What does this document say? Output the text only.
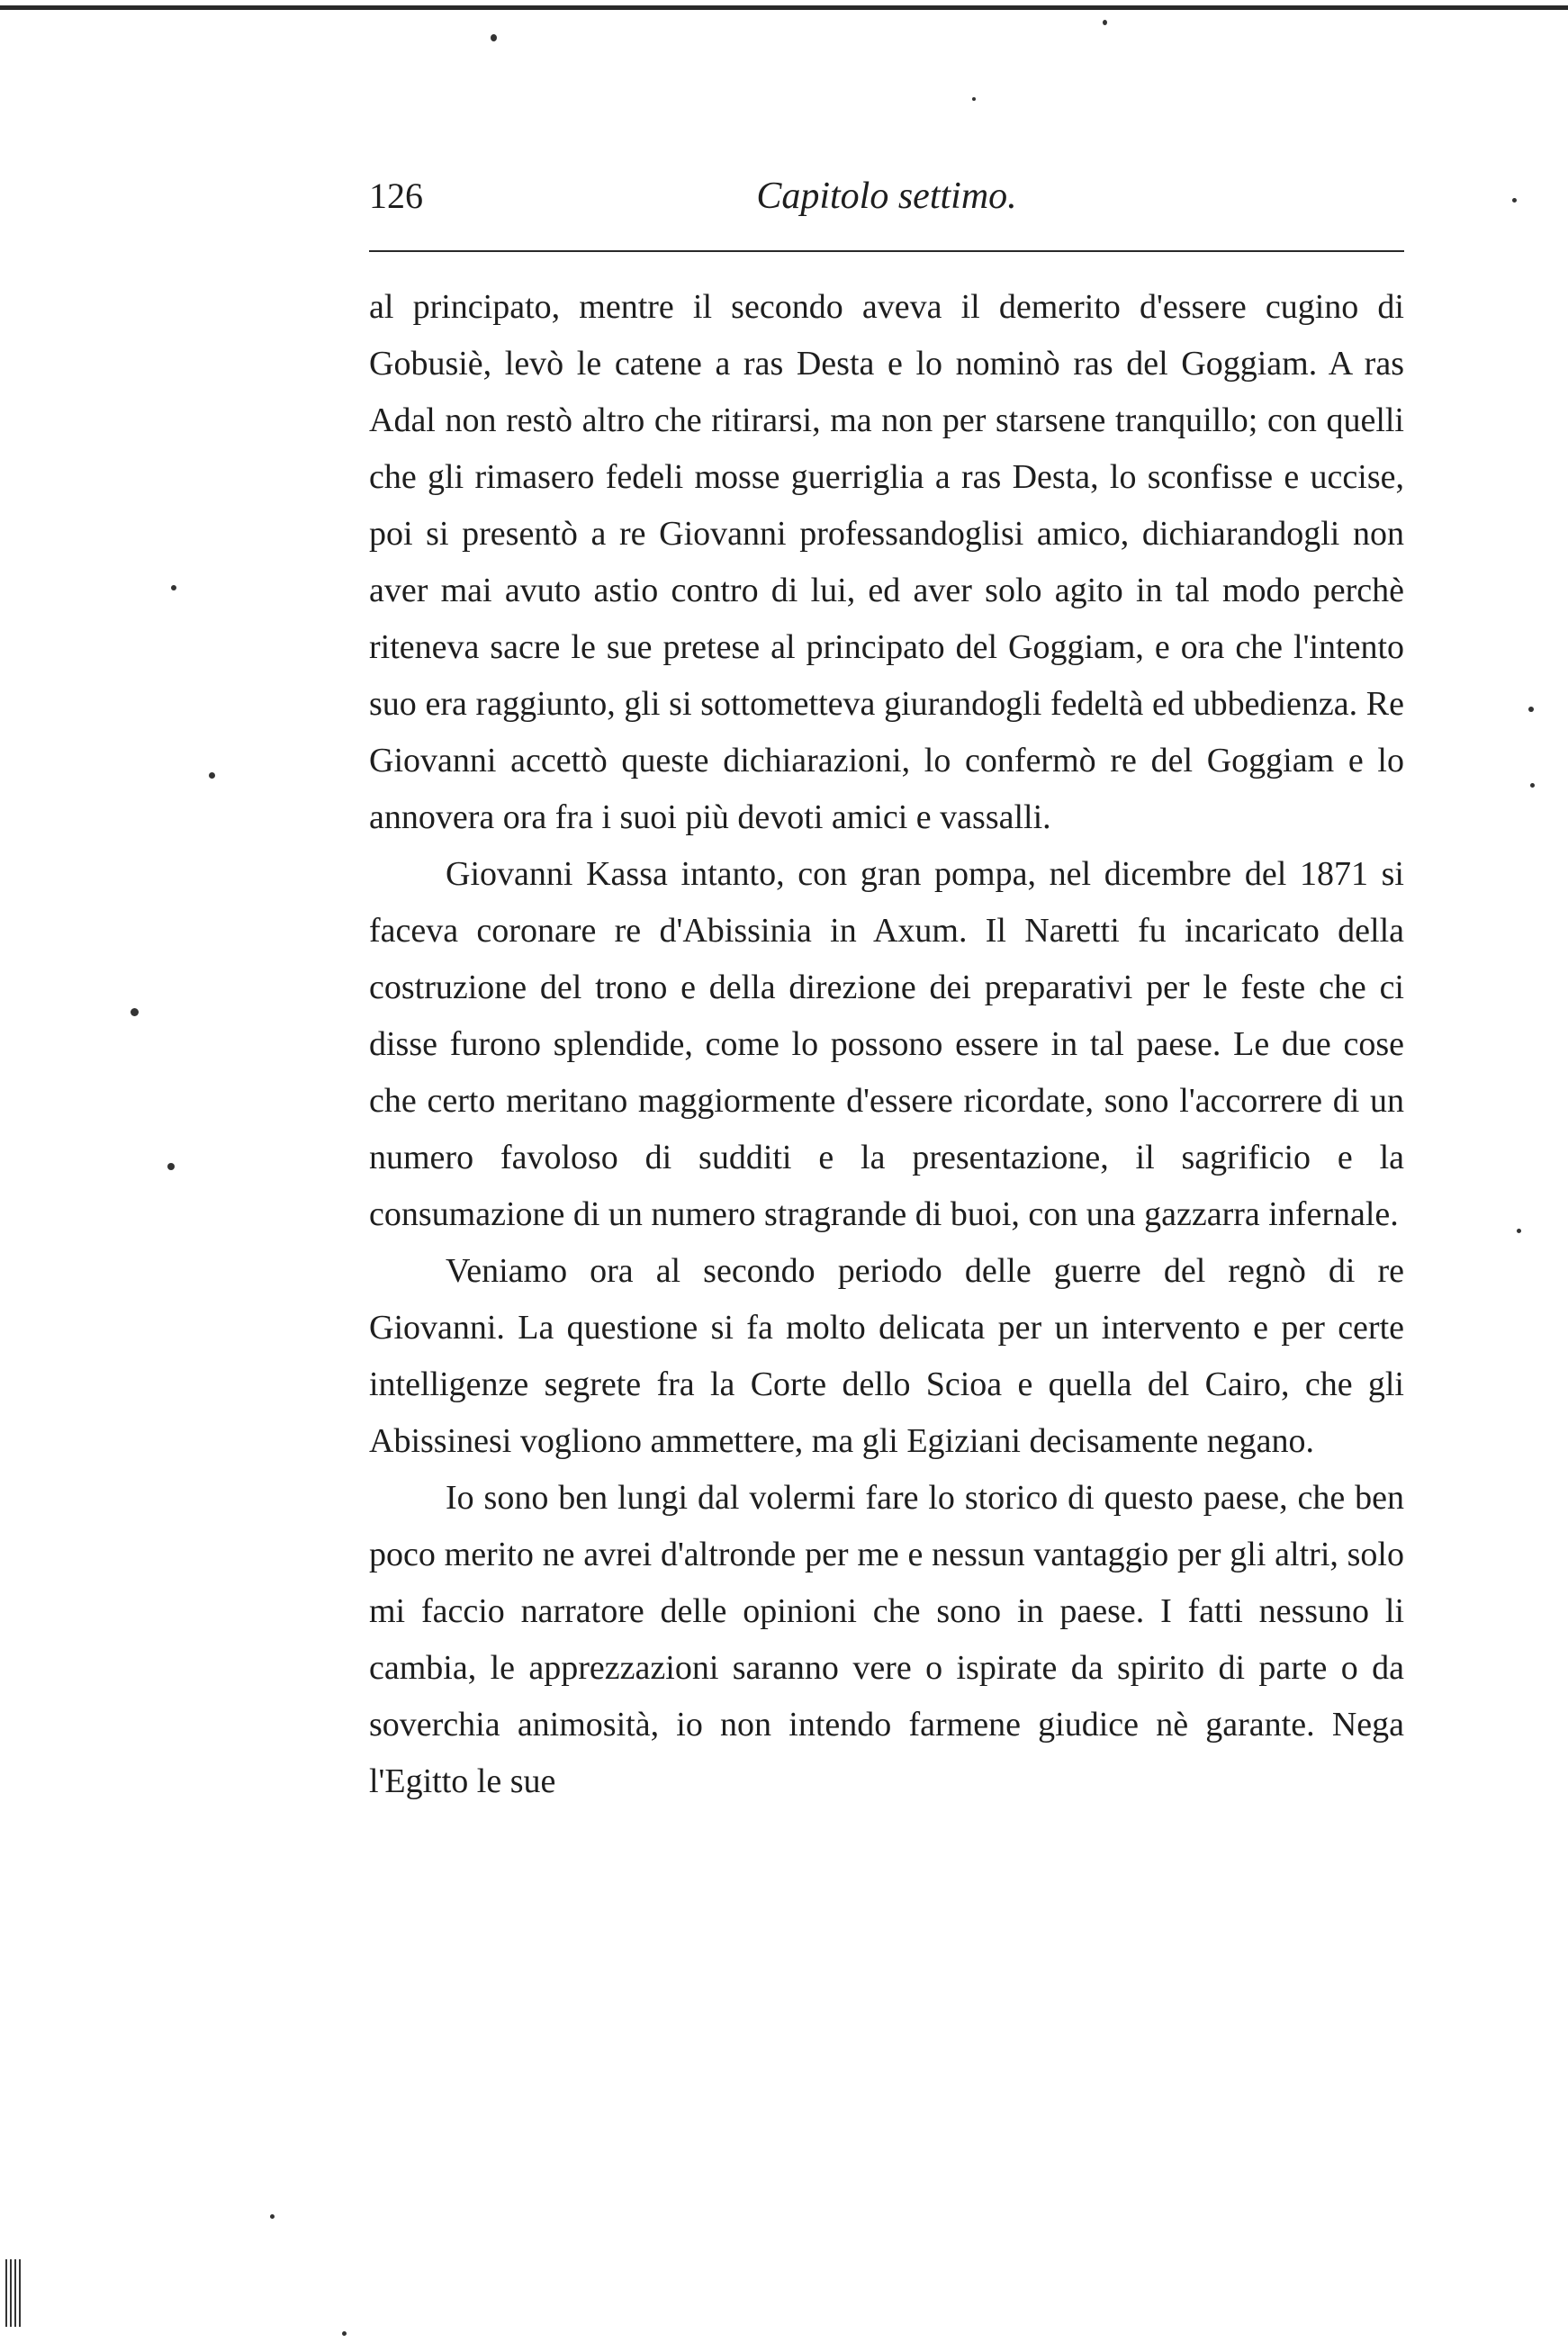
126	Capitolo settimo.

al principato, mentre il secondo aveva il demerito d'essere cugino di Gobusiè, levò le catene a ras Desta e lo nominò ras del Goggiam. A ras Adal non restò altro che ritirarsi, ma non per starsene tranquillo; con quelli che gli rimasero fedeli mosse guerriglia a ras Desta, lo sconfisse e uccise, poi si presentò a re Giovanni professandoglisi amico, dichiarandogli non aver mai avuto astio contro di lui, ed aver solo agito in tal modo perchè riteneva sacre le sue pretese al principato del Goggiam, e ora che l'intento suo era raggiunto, gli si sottometteva giurandogli fedeltà ed ubbedienza. Re Giovanni accettò queste dichiarazioni, lo confermò re del Goggiam e lo annovera ora fra i suoi più devoti amici e vassalli.

Giovanni Kassa intanto, con gran pompa, nel dicembre del 1871 si faceva coronare re d'Abissinia in Axum. Il Naretti fu incaricato della costruzione del trono e della direzione dei preparativi per le feste che ci disse furono splendide, come lo possono essere in tal paese. Le due cose che certo meritano maggiormente d'essere ricordate, sono l'accorrere di un numero favoloso di sudditi e la presentazione, il sagrificio e la consumazione di un numero stragrande di buoi, con una gazzarra infernale.

Veniamo ora al secondo periodo delle guerre del regnò di re Giovanni. La questione si fa molto delicata per un intervento e per certe intelligenze segrete fra la Corte dello Scioa e quella del Cairo, che gli Abissinesi vogliono ammettere, ma gli Egiziani decisamente negano.

Io sono ben lungi dal volermi fare lo storico di questo paese, che ben poco merito ne avrei d'altronde per me e nessun vantaggio per gli altri, solo mi faccio narratore delle opinioni che sono in paese. I fatti nessuno li cambia, le apprezzazioni saranno vere o ispirate da spirito di parte o da soverchia animosità, io non intendo farmene giudice nè garante. Nega l'Egitto le sue
